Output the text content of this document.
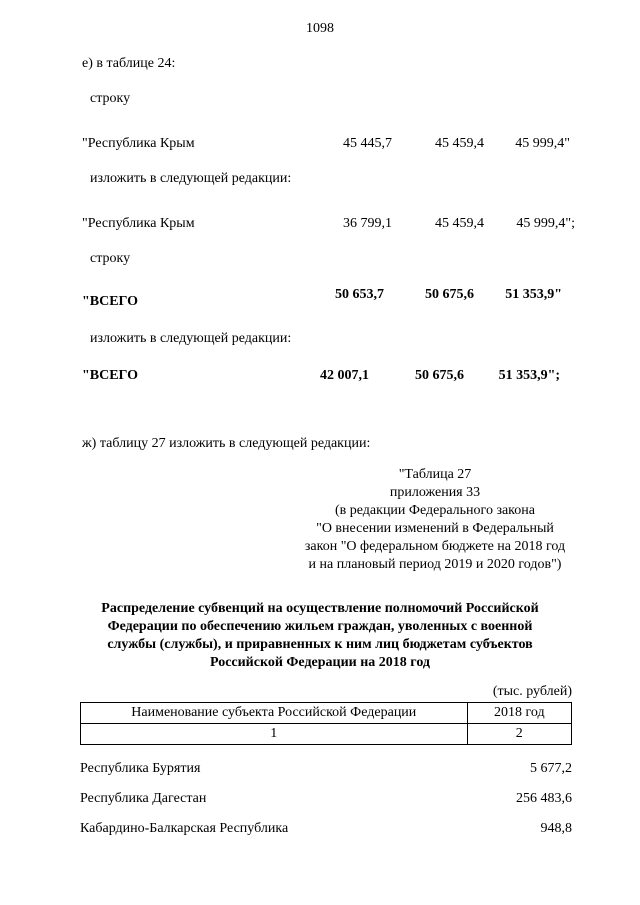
1098
е) в таблице 24:
строку
"Республика Крым	45 445,7	45 459,4	45 999,4"
изложить в следующей редакции:
"Республика Крым	36 799,1	45 459,4	45 999,4";
строку
"ВСЕГО	50 653,7	50 675,6	51 353,9"
изложить в следующей редакции:
"ВСЕГО	42 007,1	50 675,6	51 353,9";
ж) таблицу 27 изложить в следующей редакции:
"Таблица 27
приложения 33
(в редакции Федерального закона
"О внесении изменений в Федеральный
закон "О федеральном бюджете на 2018 год
и на плановый период 2019 и 2020 годов")
Распределение субвенций на осуществление полномочий Российской
Федерации по обеспечению жильем граждан, уволенных с военной
службы (службы), и приравненных к ним лиц бюджетам субъектов
Российской Федерации на 2018 год
(тыс. рублей)
Наименование субъекта Российской Федерации	2018 год
1	2
Республика Бурятия	5 677,2
Республика Дагестан	256 483,6
Кабардино-Балкарская Республика	948,8
